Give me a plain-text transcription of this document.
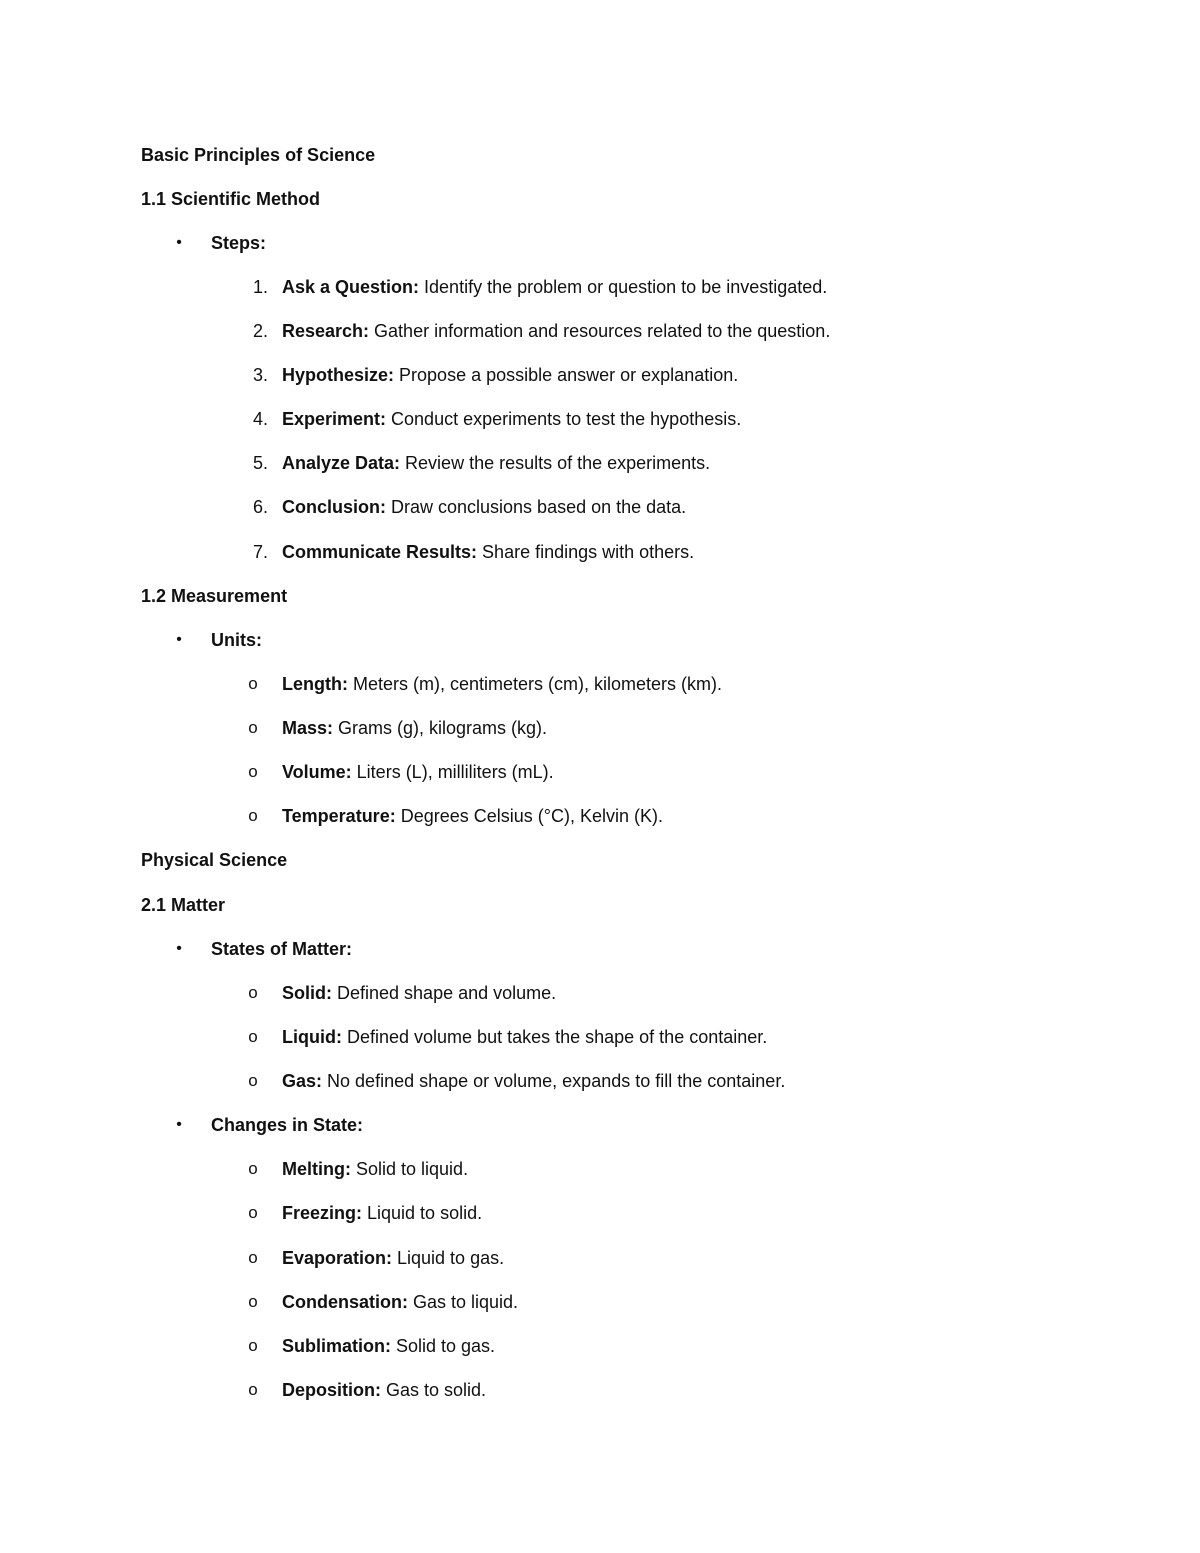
Basic Principles of Science
1.1 Scientific Method
• Steps:
1. Ask a Question: Identify the problem or question to be investigated.
2. Research: Gather information and resources related to the question.
3. Hypothesize: Propose a possible answer or explanation.
4. Experiment: Conduct experiments to test the hypothesis.
5. Analyze Data: Review the results of the experiments.
6. Conclusion: Draw conclusions based on the data.
7. Communicate Results: Share findings with others.
1.2 Measurement
• Units:
o Length: Meters (m), centimeters (cm), kilometers (km).
o Mass: Grams (g), kilograms (kg).
o Volume: Liters (L), milliliters (mL).
o Temperature: Degrees Celsius (°C), Kelvin (K).
Physical Science
2.1 Matter
• States of Matter:
o Solid: Defined shape and volume.
o Liquid: Defined volume but takes the shape of the container.
o Gas: No defined shape or volume, expands to fill the container.
• Changes in State:
o Melting: Solid to liquid.
o Freezing: Liquid to solid.
o Evaporation: Liquid to gas.
o Condensation: Gas to liquid.
o Sublimation: Solid to gas.
o Deposition: Gas to solid.
